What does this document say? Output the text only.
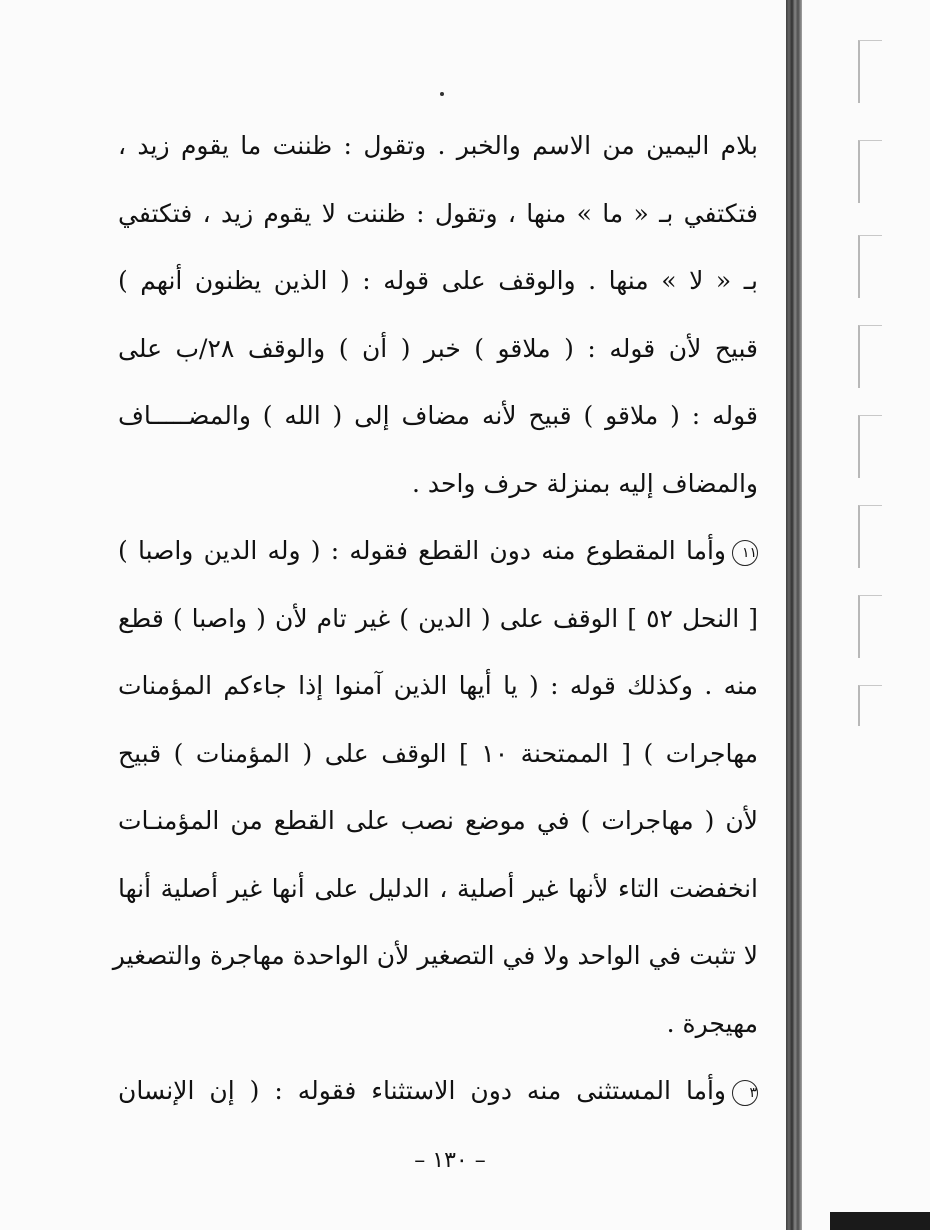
بلام اليمين من الاسم والخبر . وتقول : ظننت ما يقوم زيد ،
فتكتفي بـ « ما » منها ، وتقول : ظننت لا يقوم زيد ، فتكتفي
بـ « لا » منها . والوقف على قوله : ( الذين يظنون أنهم )
قبيح لأن قوله : ( ملاقو ) خبر ( أن ) والوقف ٢٨/ب على
قوله : ( ملاقو ) قبيح لأنه مضاف إلى ( الله ) والمضـــــاف
والمضاف إليه بمنزلة حرف واحد .
١١وأما المقطوع منه دون القطع فقوله : ( وله الدين واصبا )
[ النحل ٥٢ ] الوقف على ( الدين ) غير تام لأن ( واصبا ) قطع
منه . وكذلك قوله : ( يا أيها الذين آمنوا إذا جاءكم المؤمنات
مهاجرات ) [ الممتحنة ١٠ ] الوقف على ( المؤمنات ) قبيح
لأن ( مهاجرات ) في موضع نصب على القطع من المؤمنـات
انخفضت التاء لأنها غير أصلية ، الدليل على أنها غير أصلية أنها
لا تثبت في الواحد ولا في التصغير لأن الواحدة مهاجرة والتصغير
مهيجرة .
٣وأما المستثنى منه دون الاستثناء فقوله : ( إن الإنسان
– ١٣٠ –
